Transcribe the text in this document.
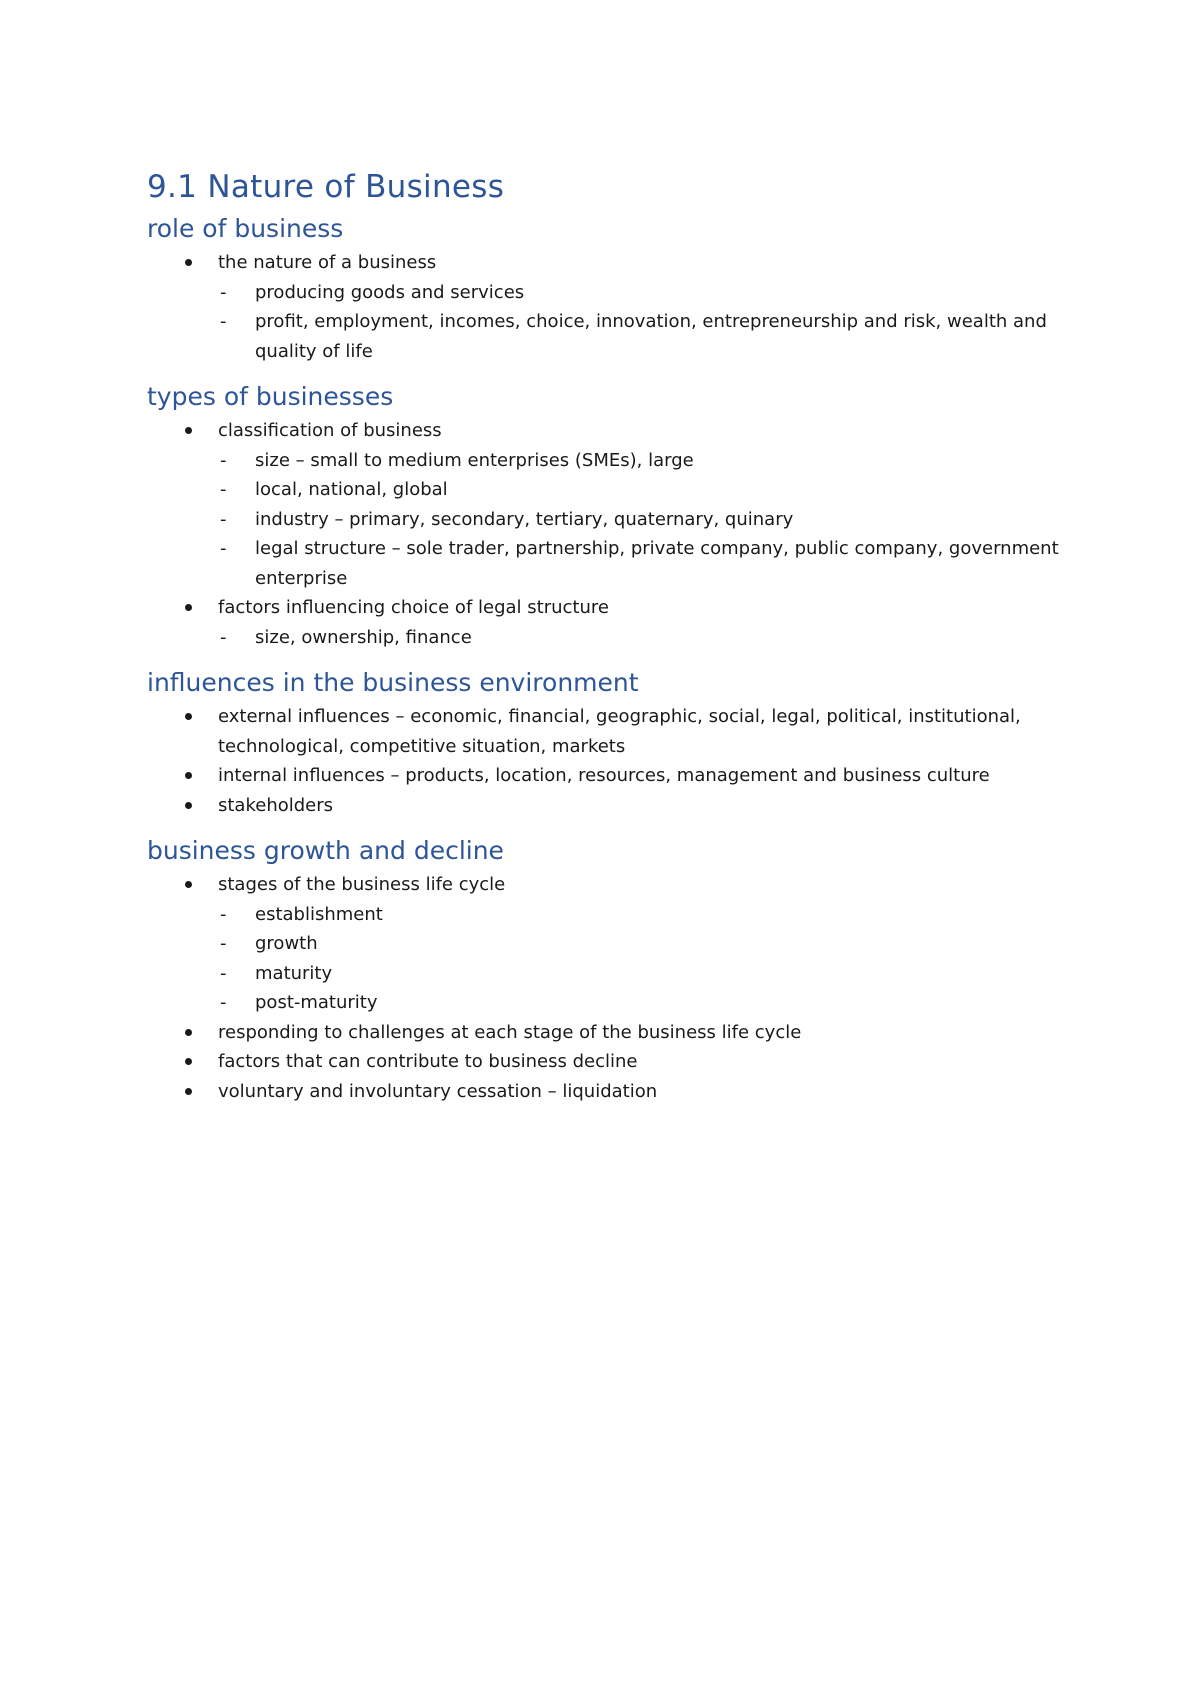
9.1 Nature of Business
role of business
the nature of a business
- producing goods and services
- profit, employment, incomes, choice, innovation, entrepreneurship and risk, wealth and quality of life
types of businesses
classification of business
- size – small to medium enterprises (SMEs), large
- local, national, global
- industry – primary, secondary, tertiary, quaternary, quinary
- legal structure – sole trader, partnership, private company, public company, government enterprise
factors influencing choice of legal structure
- size, ownership, finance
influences in the business environment
external influences – economic, financial, geographic, social, legal, political, institutional, technological, competitive situation, markets
internal influences – products, location, resources, management and business culture
stakeholders
business growth and decline
stages of the business life cycle
- establishment
- growth
- maturity
- post-maturity
responding to challenges at each stage of the business life cycle
factors that can contribute to business decline
voluntary and involuntary cessation – liquidation
